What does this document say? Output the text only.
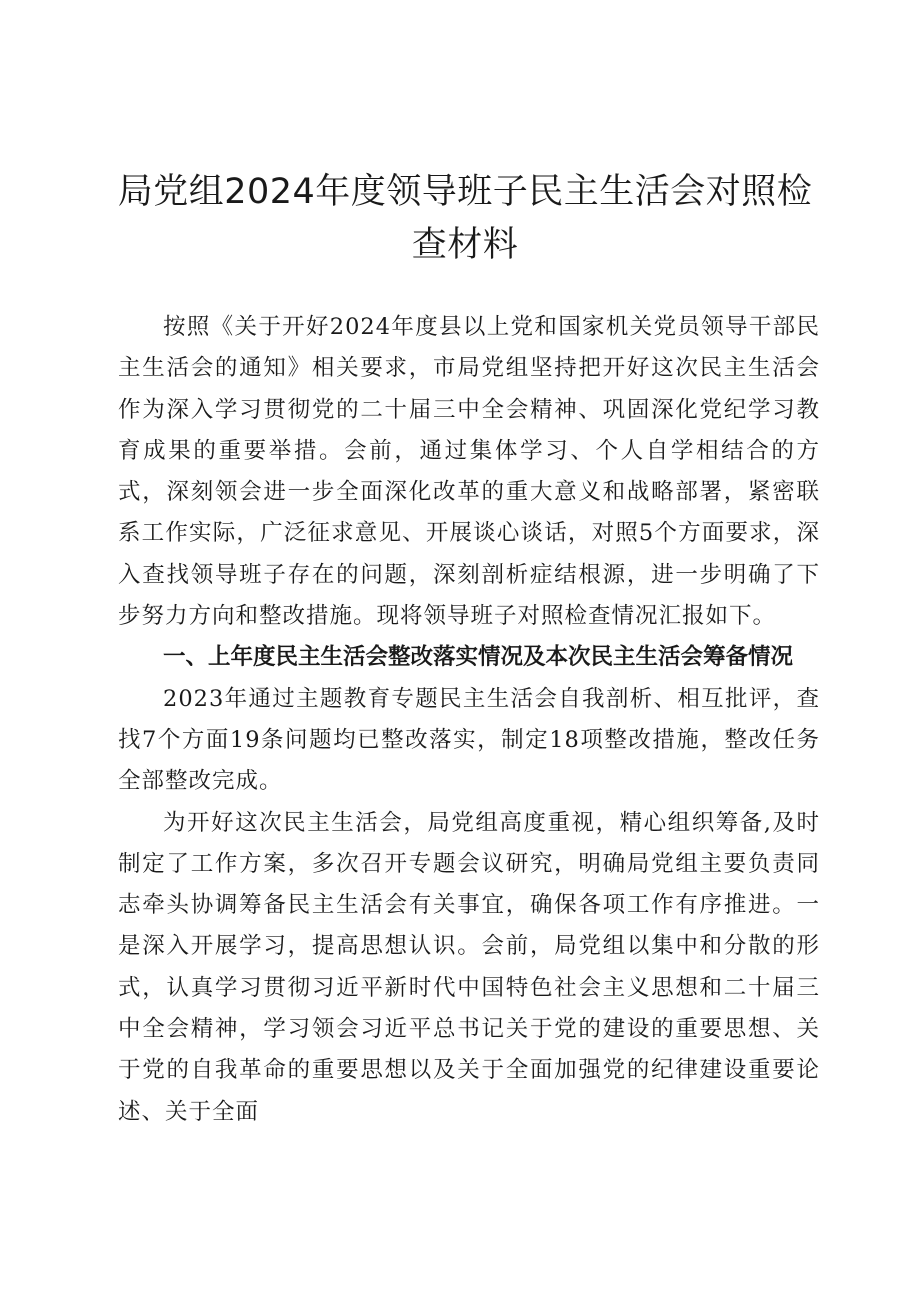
局党组2024年度领导班子民主生活会对照检查材料

按照《关于开好2024年度县以上党和国家机关党员领导干部民主生活会的通知》相关要求，市局党组坚持把开好这次民主生活会作为深入学习贯彻党的二十届三中全会精神、巩固深化党纪学习教育成果的重要举措。会前，通过集体学习、个人自学相结合的方式，深刻领会进一步全面深化改革的重大意义和战略部署，紧密联系工作实际，广泛征求意见、开展谈心谈话，对照5个方面要求，深入查找领导班子存在的问题，深刻剖析症结根源，进一步明确了下步努力方向和整改措施。现将领导班子对照检查情况汇报如下。

一、上年度民主生活会整改落实情况及本次民主生活会筹备情况

2023年通过主题教育专题民主生活会自我剖析、相互批评，查找7个方面19条问题均已整改落实，制定18项整改措施，整改任务全部整改完成。

为开好这次民主生活会，局党组高度重视，精心组织筹备,及时制定了工作方案，多次召开专题会议研究，明确局党组主要负责同志牵头协调筹备民主生活会有关事宜，确保各项工作有序推进。一是深入开展学习，提高思想认识。会前，局党组以集中和分散的形式，认真学习贯彻习近平新时代中国特色社会主义思想和二十届三中全会精神，学习领会习近平总书记关于党的建设的重要思想、关于党的自我革命的重要思想以及关于全面加强党的纪律建设重要论述、关于全面
